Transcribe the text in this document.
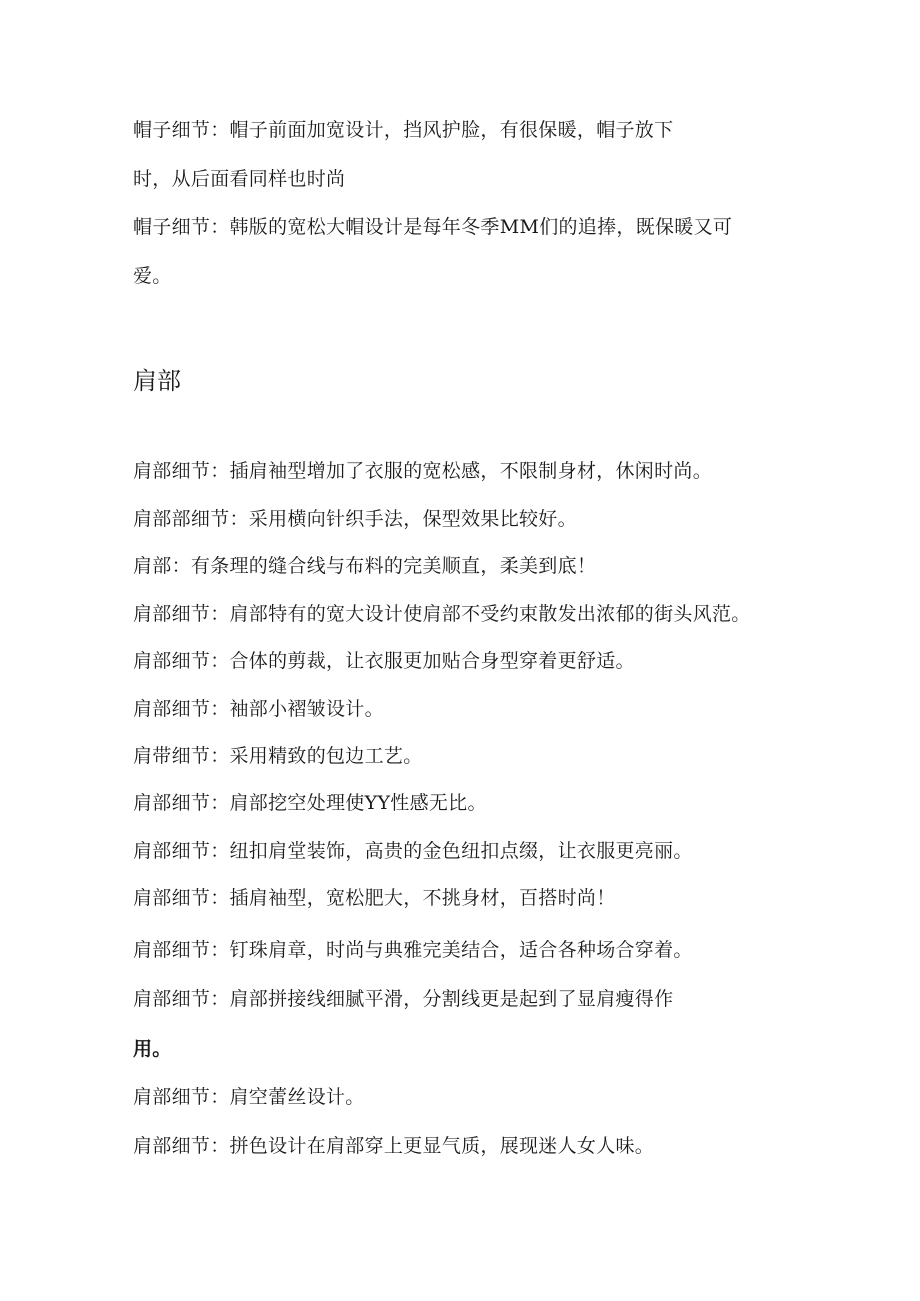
帽子细节：帽子前面加宽设计，挡风护脸，有很保暖，帽子放下
时，从后面看同样也时尚
帽子细节：韩版的宽松大帽设计是每年冬季MM们的追捧，既保暖又可
爱。
肩部
肩部细节：插肩袖型增加了衣服的宽松感，不限制身材，休闲时尚。
肩部部细节：采用横向针织手法，保型效果比较好。
肩部：有条理的缝合线与布料的完美顺直，柔美到底！
肩部细节：肩部特有的宽大设计使肩部不受约束散发出浓郁的街头风范。
肩部细节：合体的剪裁，让衣服更加贴合身型穿着更舒适。
肩部细节：袖部小褶皱设计。
肩带细节：采用精致的包边工艺。
肩部细节：肩部挖空处理使YY性感无比。
肩部细节：纽扣肩堂装饰，高贵的金色纽扣点缀，让衣服更亮丽。
肩部细节：插肩袖型，宽松肥大，不挑身材，百搭时尚！
肩部细节：钉珠肩章，时尚与典雅完美结合，适合各种场合穿着。
肩部细节：肩部拼接线细腻平滑，分割线更是起到了显肩瘦得作
用。
肩部细节：肩空蕾丝设计。
肩部细节：拼色设计在肩部穿上更显气质，展现迷人女人味。
